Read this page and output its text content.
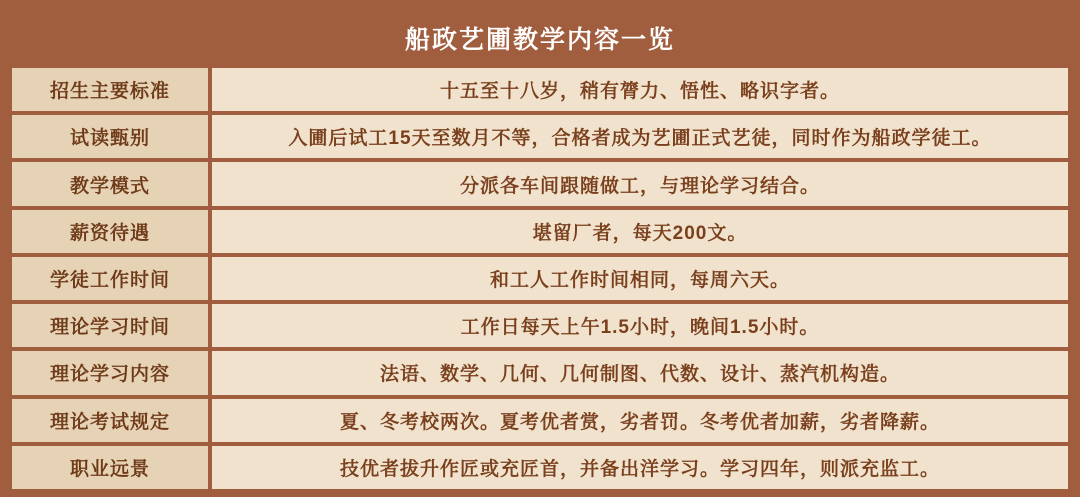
船政艺圃教学内容一览
招生主要标准	十五至十八岁，稍有膂力、悟性、略识字者。
试读甄别	入圃后试工15天至数月不等，合格者成为艺圃正式艺徒，同时作为船政学徒工。
教学模式	分派各车间跟随做工，与理论学习结合。
薪资待遇	堪留厂者，每天200文。
学徒工作时间	和工人工作时间相同，每周六天。
理论学习时间	工作日每天上午1.5小时，晚间1.5小时。
理论学习内容	法语、数学、几何、几何制图、代数、设计、蒸汽机构造。
理论考试规定	夏、冬考校两次。夏考优者赏，劣者罚。冬考优者加薪，劣者降薪。
职业远景	技优者拔升作匠或充匠首，并备出洋学习。学习四年，则派充监工。
